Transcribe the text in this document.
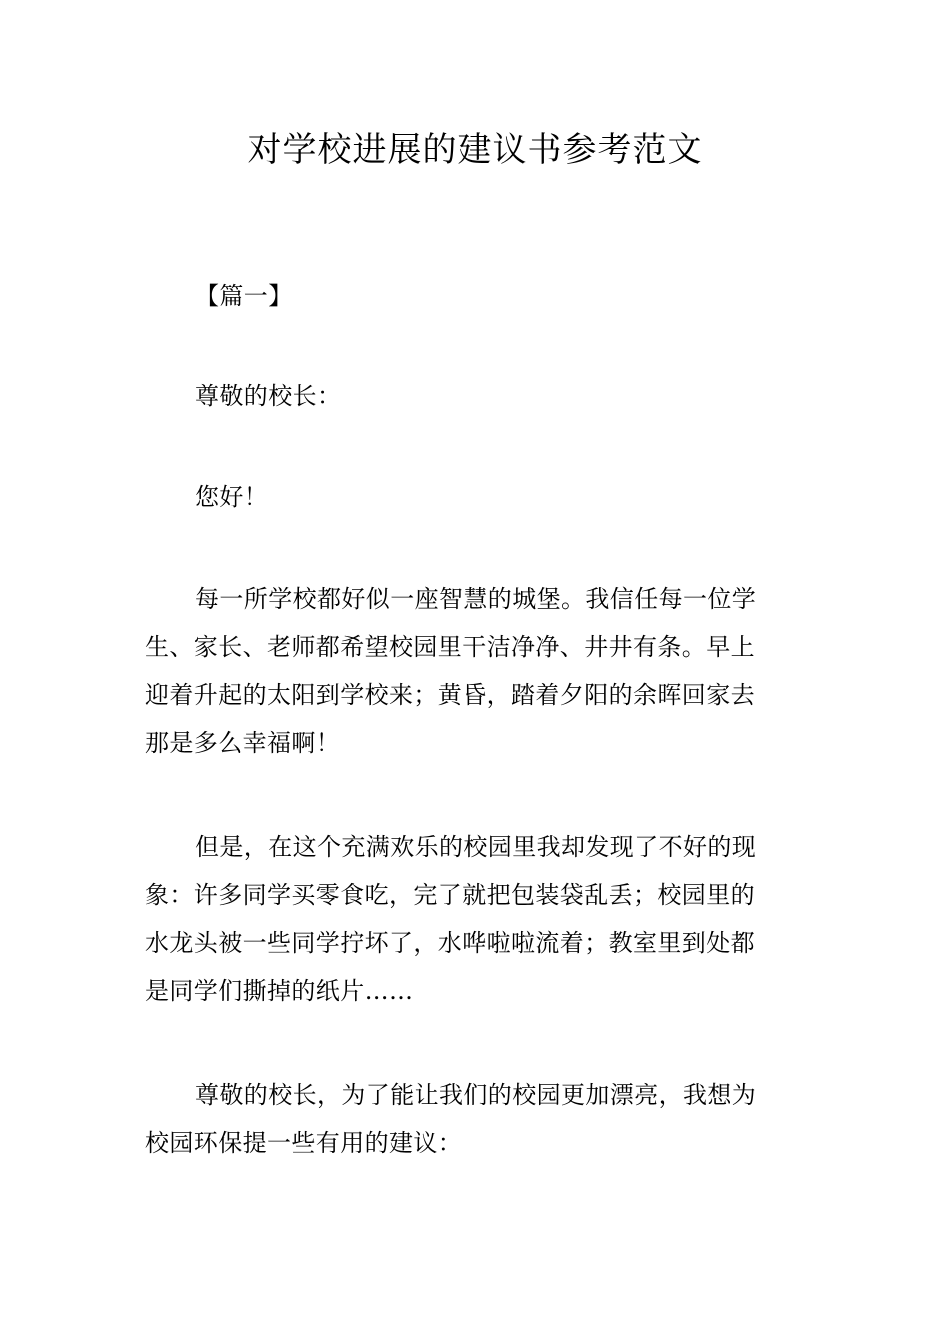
对学校进展的建议书参考范文

【篇一】

尊敬的校长：

您好！

每一所学校都好似一座智慧的城堡。我信任每一位学
生、家长、老师都希望校园里干洁净净、井井有条。早上
迎着升起的太阳到学校来；黄昏，踏着夕阳的余晖回家去
那是多么幸福啊！
但是，在这个充满欢乐的校园里我却发现了不好的现
象：许多同学买零食吃，完了就把包装袋乱丢；校园里的
水龙头被一些同学拧坏了，水哗啦啦流着；教室里到处都
是同学们撕掉的纸片……
尊敬的校长，为了能让我们的校园更加漂亮，我想为
校园环保提一些有用的建议：
